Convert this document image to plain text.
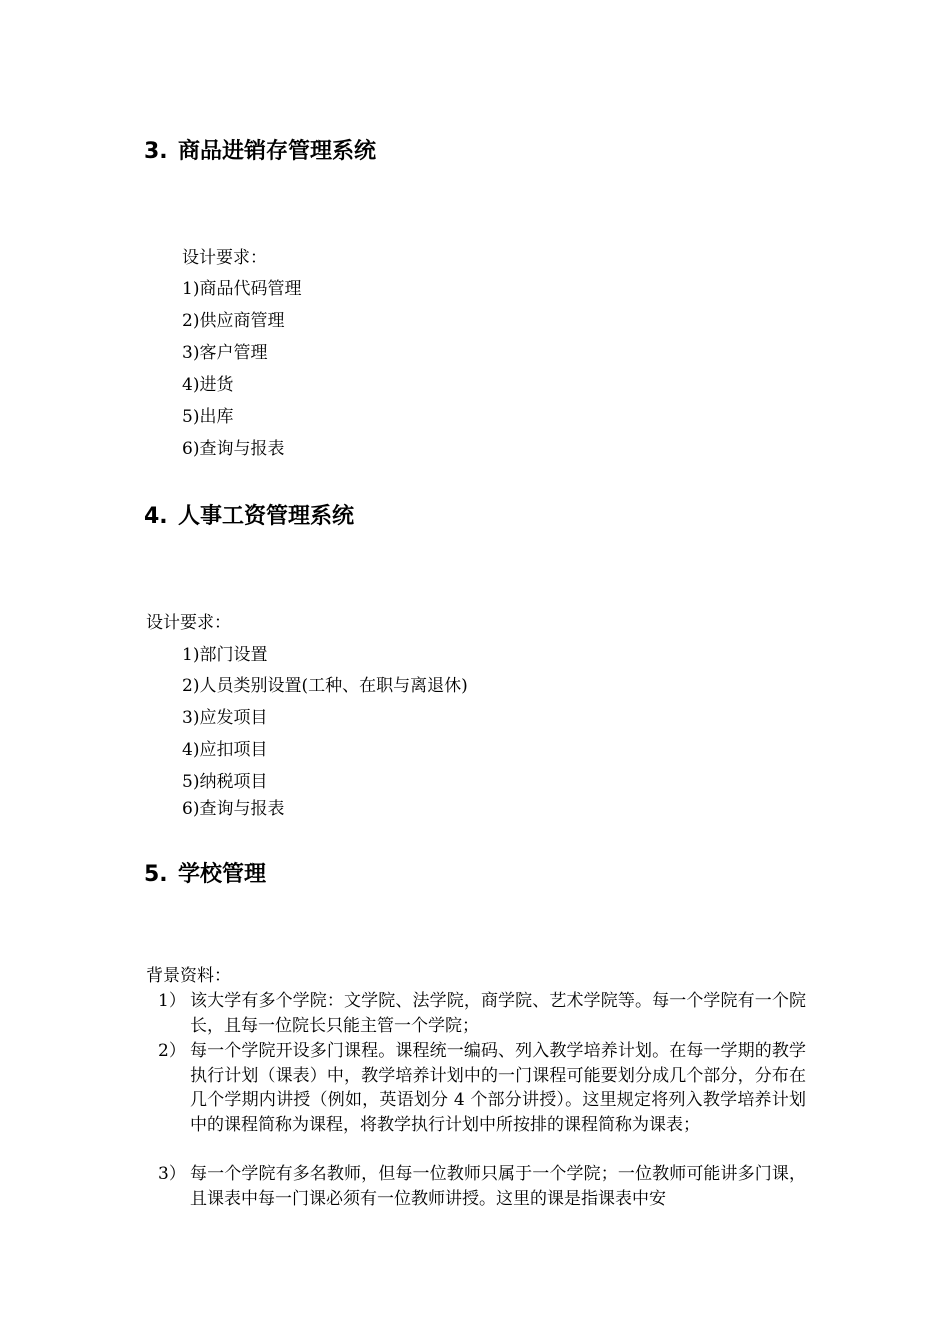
3. 商品进销存管理系统
设计要求：
1)商品代码管理
2)供应商管理
3)客户管理
4)进货
5)出库
6)查询与报表
4. 人事工资管理系统
设计要求：
1)部门设置
2)人员类别设置(工种、在职与离退休)
3)应发项目
4)应扣项目
5)纳税项目
6)查询与报表
5. 学校管理
背景资料：
1） 该大学有多个学院：文学院、法学院，商学院、艺术学院等。每一个学院有一个院长，且每一位院长只能主管一个学院；
2） 每一个学院开设多门课程。课程统一编码、列入教学培养计划。在每一学期的教学执行计划（课表）中，教学培养计划中的一门课程可能要划分成几个部分，分布在几个学期内讲授（例如，英语划分 4 个部分讲授）。这里规定将列入教学培养计划中的课程简称为课程，将教学执行计划中所按排的课程简称为课表；
3） 每一个学院有多名教师，但每一位教师只属于一个学院；一位教师可能讲多门课，且课表中每一门课必须有一位教师讲授。这里的课是指课表中安
